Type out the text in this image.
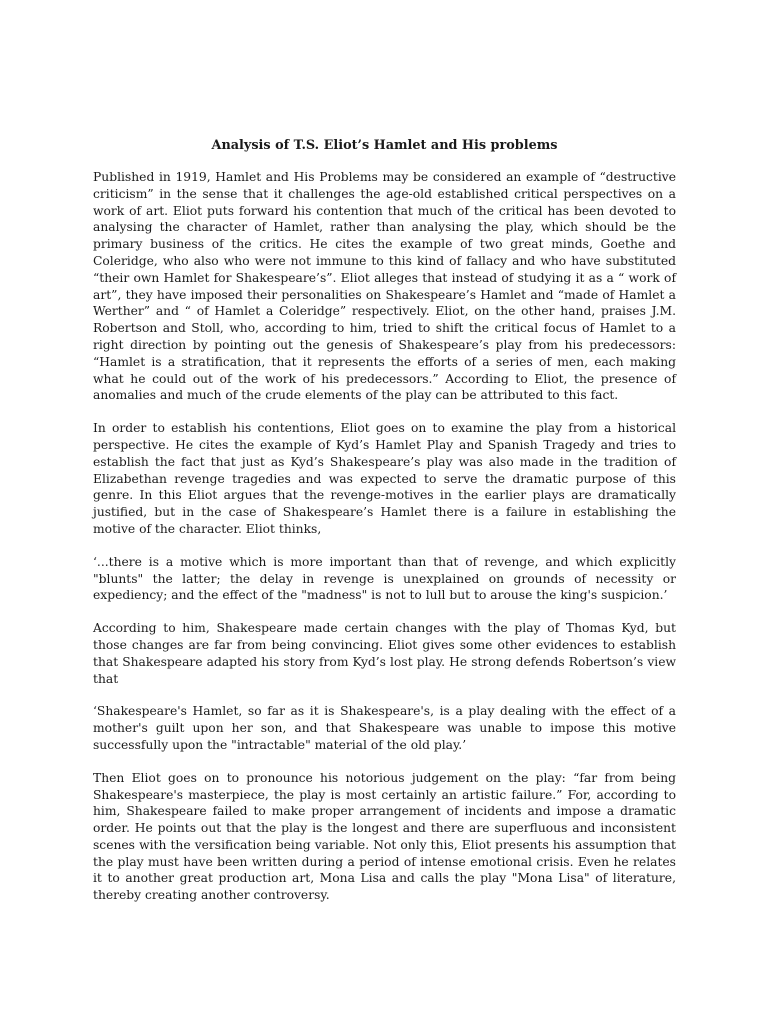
Analysis of T.S. Eliot’s Hamlet and His problems

Published in 1919, Hamlet and His Problems may be considered an example of “destructive criticism” in the sense that it challenges the age-old established critical perspectives on a work of art. Eliot puts forward his contention that much of the critical has been devoted to analysing the character of Hamlet, rather than analysing the play, which should be the primary business of the critics. He cites the example of two great minds, Goethe and Coleridge, who also who were not immune to this kind of fallacy and who have substituted “their own Hamlet for Shakespeare’s”. Eliot alleges that instead of studying it as a “ work of art”, they have imposed their personalities on Shakespeare’s Hamlet and “made of Hamlet a Werther” and “ of Hamlet a Coleridge” respectively. Eliot, on the other hand, praises J.M. Robertson and Stoll, who, according to him, tried to shift the critical focus of Hamlet to a right direction by pointing out the genesis of Shakespeare’s play from his predecessors: “Hamlet is a stratification, that it represents the efforts of a series of men, each making what he could out of the work of his predecessors.” According to Eliot, the presence of anomalies and much of the crude elements of the play can be attributed to this fact.

In order to establish his contentions, Eliot goes on to examine the play from a historical perspective. He cites the example of Kyd’s Hamlet Play and Spanish Tragedy and tries to establish the fact that just as Kyd’s Shakespeare’s play was also made in the tradition of Elizabethan revenge tragedies and was expected to serve the dramatic purpose of this genre. In this Eliot argues that the revenge-motives in the earlier plays are dramatically justified, but in the case of Shakespeare’s Hamlet there is a failure in establishing the motive of the character. Eliot thinks,

‘...there is a motive which is more important than that of revenge, and which explicitly "blunts" the latter; the delay in revenge is unexplained on grounds of necessity or expediency; and the effect of the "madness" is not to lull but to arouse the king's suspicion.’

According to him, Shakespeare made certain changes with the play of Thomas Kyd, but those changes are far from being convincing. Eliot gives some other evidences to establish that Shakespeare adapted his story from Kyd’s lost play. He strong defends Robertson’s view that

‘Shakespeare's Hamlet, so far as it is Shakespeare's, is a play dealing with the effect of a mother's guilt upon her son, and that Shakespeare was unable to impose this motive successfully upon the "intractable" material of the old play.’

Then Eliot goes on to pronounce his notorious judgement on the play: “far from being Shakespeare's masterpiece, the play is most certainly an artistic failure.” For, according to him, Shakespeare failed to make proper arrangement of incidents and impose a dramatic order. He points out that the play is the longest and there are superfluous and inconsistent scenes with the versification being variable. Not only this, Eliot presents his assumption that the play must have been written during a period of intense emotional crisis. Even he relates it to another great production art, Mona Lisa and calls the play "Mona Lisa" of literature, thereby creating another controversy.
